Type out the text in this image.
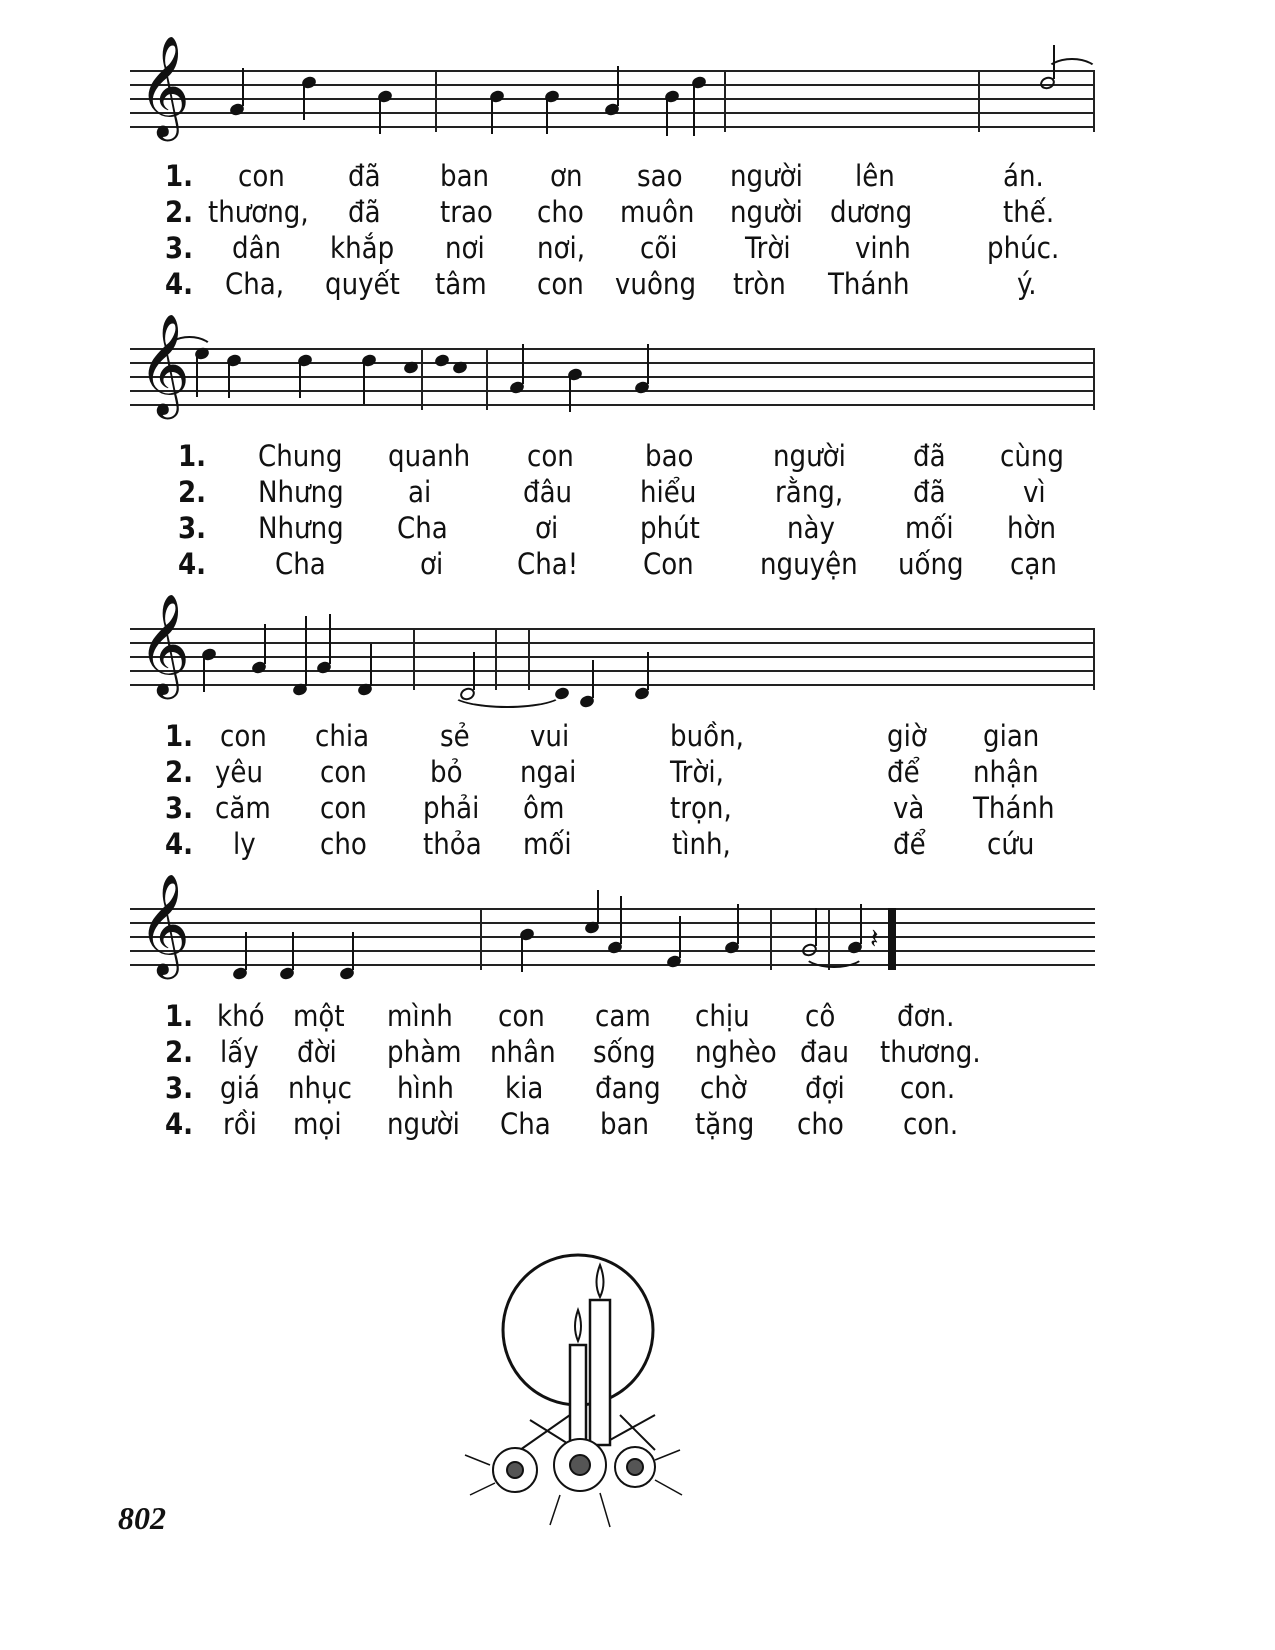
𝄞
1. con đã ban ơn sao người lên	án.
2. thương, đã trao cho muôn người dương	thế.
3. dân khắp nơi nơi, cõi Trời vinh	phúc.
4. Cha, quyết tâm con vuông tròn Thánh	ý.
𝄞
1. Chung quanh con bao	người đã cùng
2. Nhưng ai	đâu hiểu	rằng, đã	vì
3. Nhưng Cha	ơi	phút	này mối hờn
4. Cha	ơi	Cha! Con nguyện uống cạn
𝄞
1. con chia sẻ vui	buồn,	giờ gian
2. yêu con bỏ ngai	Trời,	để nhận
3. căm con phải ôm	trọn,	và Thánh
4. ly cho thỏa mối	tình,	để cứu
𝄞	𝄽
1. khó một mình con cam chịu cô đơn.
2. lấy đời phàm nhân sống nghèo đau thương.
3. giá nhục hình kia đang chờ đợi con.
4. rồi mọi người Cha ban tặng cho con.
802
